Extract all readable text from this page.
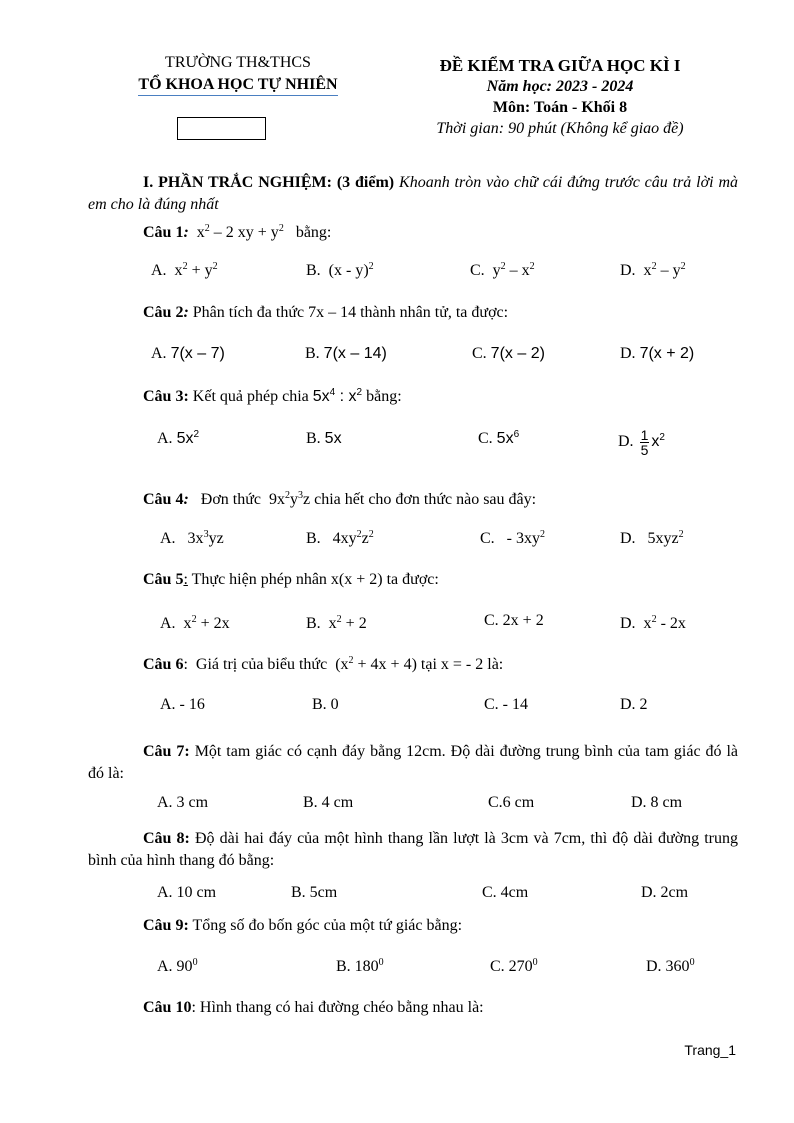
TRƯỜNG TH&THCS
TỔ KHOA HỌC TỰ NHIÊN
ĐỀ KIỂM TRA GIỮA HỌC KÌ I
Năm học: 2023 - 2024
Môn: Toán - Khối 8
Thời gian: 90 phút (Không kể giao đề)
I. PHẦN TRẮC NGHIỆM: (3 điểm) Khoanh tròn vào chữ cái đứng trước câu trả lời mà em cho là đúng nhất
Câu 1:  $x^2 - 2$ xy + $y^2$ bằng:
A.  $x^2 + y^2$	B.  (x - y)$^2$	C.  $y^2 - x^2$	D.  $x^2 - y^2$
Câu 2: Phân tích đa thức 7x – 14 thành nhân tử, ta được:
A. 7(x – 7)	B. 7(x – 14)	C. 7(x – 2)	D. 7(x + 2)
Câu 3: Kết quả phép chia $5x^4$ : $x^2$ bằng:
A. $5x^2$	B. 5x	C. $5x^6$	D. $\frac{1}{5} x^2$
Câu 4: Đơn thức  $9x^2y^3z$ chia hết cho đơn thức nào sau đây:
A.   $3x^3yz$	B.   $4xy^2z^2$	C.   - $3xy^2$	D.   5xyz$^2$
Câu 5: Thực hiện phép nhân x(x + 2) ta được:
A.  $x^2 + 2x$	B.  $x^2 + 2$	C. 2x + 2	D.  $x^2 - 2x$
Câu 6:  Giá trị của biểu thức  $(x^2 + 4x + 4)$ tại x = - 2 là:
A. - 16	B. 0	C. - 14	D. 2
Câu 7: Một tam giác có cạnh đáy bằng 12cm. Độ dài đường trung bình của tam giác đó là đó là:
A. 3 cm	B. 4 cm	C.6 cm	D. 8 cm
Câu 8: Độ dài hai đáy của một hình thang lần lượt là 3cm và 7cm, thì độ dài đường trung bình của hình thang đó bằng:
A. 10 cm	B. 5cm	C. 4cm	D. 2cm
Câu 9: Tổng số đo bốn góc của một tứ giác bằng:
A. $90^0$	B. $180^0$	C. $270^0$	D. $360^0$
Câu 10: Hình thang có hai đường chéo bằng nhau là:
Trang_1
